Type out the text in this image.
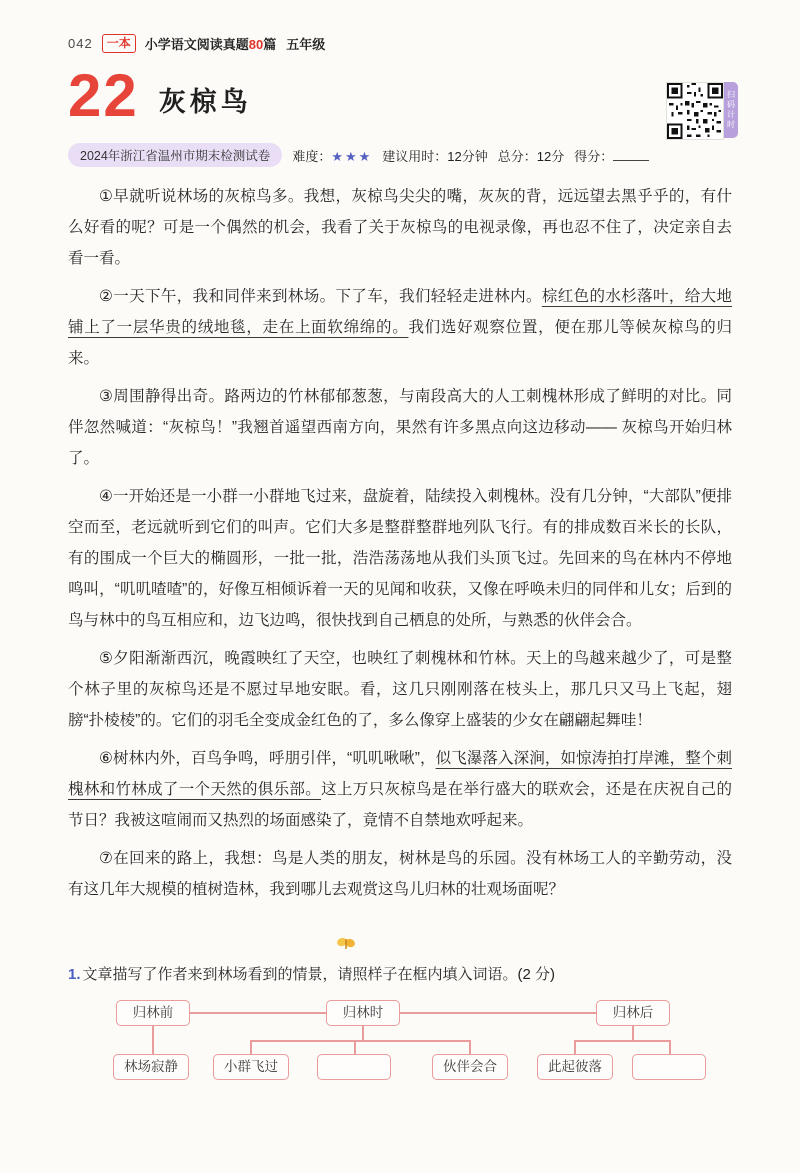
042	一本	小学语文阅读真题80篇 五年级
22 灰椋鸟
2024年浙江省温州市期末检测试卷	难度：★★★ 建议用时：12分钟 总分：12分 得分：

①早就听说林场的灰椋鸟多。我想，灰椋鸟尖尖的嘴，灰灰的背，远远望去黑乎乎的，有什么好看的呢？可是一个偶然的机会，我看了关于灰椋鸟的电视录像，再也忍不住了，决定亲自去看一看。

②一天下午，我和同伴来到林场。下了车，我们轻轻走进林内。棕红色的水杉落叶，给大地铺上了一层华贵的绒地毯，走在上面软绵绵的。我们选好观察位置，便在那儿等候灰椋鸟的归来。

③周围静得出奇。路两边的竹林郁郁葱葱，与南段高大的人工刺槐林形成了鲜明的对比。同伴忽然喊道：“灰椋鸟！”我翘首遥望西南方向，果然有许多黑点向这边移动—— 灰椋鸟开始归林了。

④一开始还是一小群一小群地飞过来，盘旋着，陆续投入刺槐林。没有几分钟，“大部队”便排空而至，老远就听到它们的叫声。它们大多是整群整群地列队飞行。有的排成数百米长的长队，有的围成一个巨大的椭圆形，一批一批，浩浩荡荡地从我们头顶飞过。先回来的鸟在林内不停地鸣叫，“叽叽喳喳”的，好像互相倾诉着一天的见闻和收获，又像在呼唤未归的同伴和儿女；后到的鸟与林中的鸟互相应和，边飞边鸣，很快找到自己栖息的处所，与熟悉的伙伴会合。

⑤夕阳渐渐西沉，晚霞映红了天空，也映红了刺槐林和竹林。天上的鸟越来越少了，可是整个林子里的灰椋鸟还是不愿过早地安眠。看，这几只刚刚落在枝头上，那几只又马上飞起，翅膀“扑棱棱”的。它们的羽毛全变成金红色的了，多么像穿上盛装的少女在翩翩起舞哇！

⑥树林内外，百鸟争鸣，呼朋引伴，“叽叽啾啾”，似飞瀑落入深涧，如惊涛拍打岸滩，整个刺槐林和竹林成了一个天然的俱乐部。这上万只灰椋鸟是在举行盛大的联欢会，还是在庆祝自己的节日？我被这喧闹而又热烈的场面感染了，竟情不自禁地欢呼起来。

⑦在回来的路上，我想：鸟是人类的朋友，树林是鸟的乐园。没有林场工人的辛勤劳动，没有这几年大规模的植树造林，我到哪儿去观赏这鸟儿归林的壮观场面呢？

1. 文章描写了作者来到林场看到的情景，请照样子在框内填入词语。(2 分)
归林前	归林时	归林后
林场寂静	小群飞过	伙伴会合	此起彼落
扫码计时
